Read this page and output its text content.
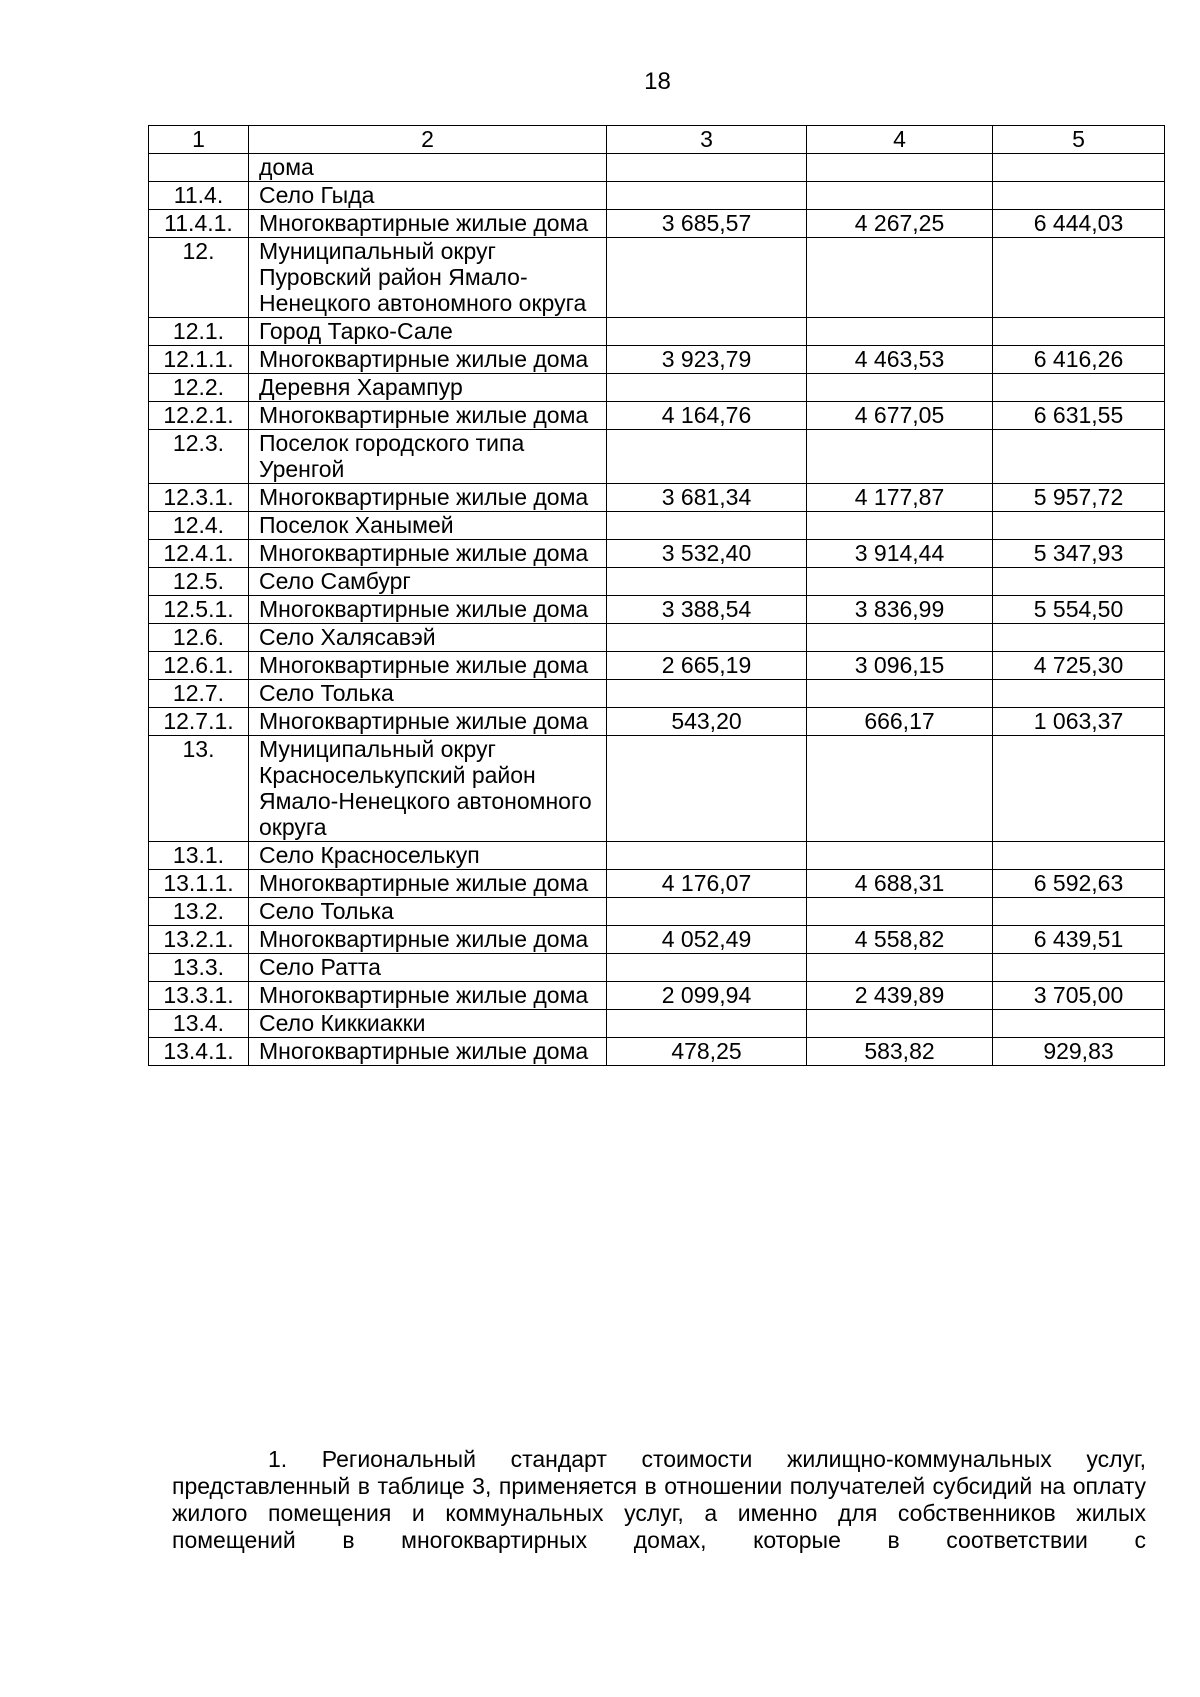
18
1	2	3	4	5
	дома			
11.4.	Село Гыда			
11.4.1.	Многоквартирные жилые дома	3 685,57	4 267,25	6 444,03
12.	Муниципальный округ Пуровский район Ямало-Ненецкого автономного округа			
12.1.	Город Тарко-Сале			
12.1.1.	Многоквартирные жилые дома	3 923,79	4 463,53	6 416,26
12.2.	Деревня Харампур			
12.2.1.	Многоквартирные жилые дома	4 164,76	4 677,05	6 631,55
12.3.	Поселок городского типа Уренгой			
12.3.1.	Многоквартирные жилые дома	3 681,34	4 177,87	5 957,72
12.4.	Поселок Ханымей			
12.4.1.	Многоквартирные жилые дома	3 532,40	3 914,44	5 347,93
12.5.	Село Самбург			
12.5.1.	Многоквартирные жилые дома	3 388,54	3 836,99	5 554,50
12.6.	Село Халясавэй			
12.6.1.	Многоквартирные жилые дома	2 665,19	3 096,15	4 725,30
12.7.	Село Толька			
12.7.1.	Многоквартирные жилые дома	543,20	666,17	1 063,37
13.	Муниципальный округ Красноселькупский район Ямало-Ненецкого автономного округа			
13.1.	Село Красноселькуп			
13.1.1.	Многоквартирные жилые дома	4 176,07	4 688,31	6 592,63
13.2.	Село Толька			
13.2.1.	Многоквартирные жилые дома	4 052,49	4 558,82	6 439,51
13.3.	Село Ратта			
13.3.1.	Многоквартирные жилые дома	2 099,94	2 439,89	3 705,00
13.4.	Село Киккиакки			
13.4.1.	Многоквартирные жилые дома	478,25	583,82	929,83

1. Региональный стандарт стоимости жилищно-коммунальных услуг, представленный в таблице 3, применяется в отношении получателей субсидий на оплату жилого помещения и коммунальных услуг, а именно для собственников жилых помещений в многоквартирных домах, которые в соответствии с
